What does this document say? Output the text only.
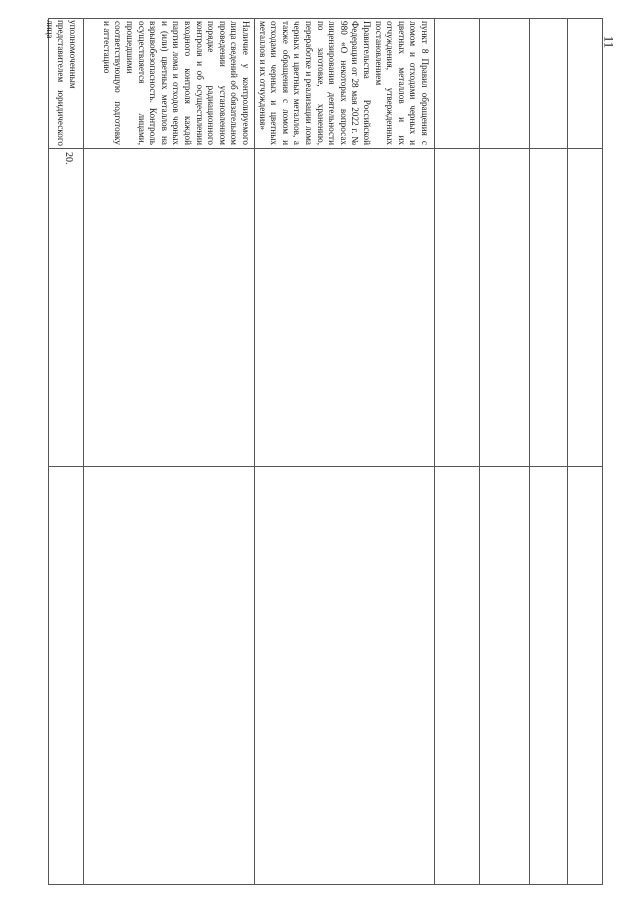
11
уполномоченным представителем юридического лица
20.
Наличие у контролируемого лица сведений об обязательном проведении установленном порядке радиационного контроля и об осуществлении входного контроля каждой партии лома и отходов черных и (или) цветных металлов на взрывобезопасность. Контроль осуществляется лицами, прошедшими соответствующую подготовку и аттестацию	пункт 8 Правил обращения с ломом и отходами черных и цветных металлов и их отчуждения, утвержденных постановлением Правительства Российской Федерации от 28 мая 2022 г. № 980 «О некоторых вопросах лицензирования деятельности по заготовке, хранению, переработке и реализации лома черных и цветных металлов, а также обращения с ломом и отходами черных и цветных металлов и их отчуждения»
